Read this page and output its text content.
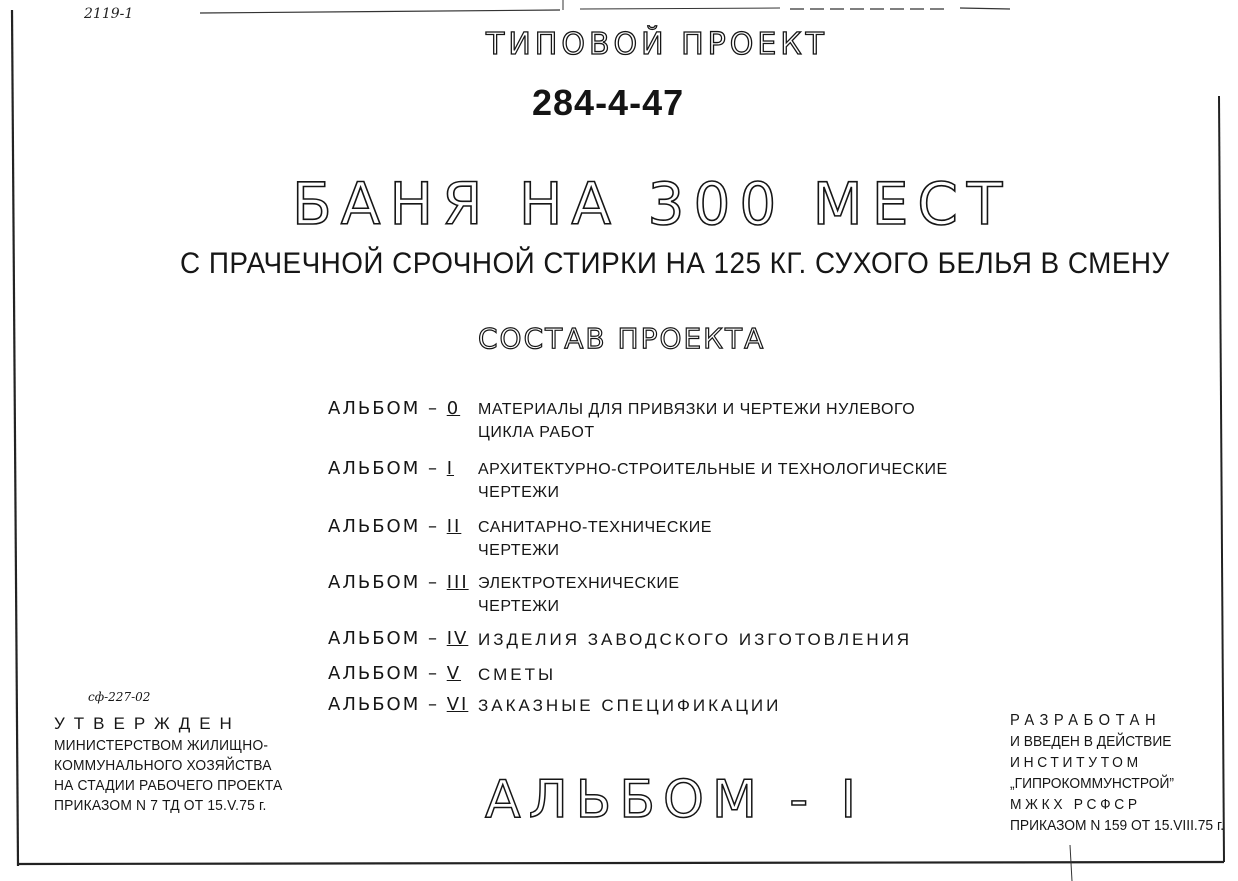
2119-1
ТИПОВОЙ ПРОЕКТ
284-4-47
БАНЯ НА 300 МЕСТ
С ПРАЧЕЧНОЙ СРОЧНОЙ СТИРКИ НА 125 КГ. СУХОГО БЕЛЬЯ В СМЕНУ
СОСТАВ ПРОЕКТА
АЛЬБОМ – 0 МАТЕРИАЛЫ ДЛЯ ПРИВЯЗКИ И ЧЕРТЕЖИ НУЛЕВОГО
ЦИКЛА РАБОТ
АЛЬБОМ – I АРХИТЕКТУРНО-СТРОИТЕЛЬНЫЕ И ТЕХНОЛОГИЧЕСКИЕ
ЧЕРТЕЖИ
АЛЬБОМ – II САНИТАРНО-ТЕХНИЧЕСКИЕ
ЧЕРТЕЖИ
АЛЬБОМ – III ЭЛЕКТРОТЕХНИЧЕСКИЕ
ЧЕРТЕЖИ
АЛЬБОМ – IV ИЗДЕЛИЯ ЗАВОДСКОГО ИЗГОТОВЛЕНИЯ
АЛЬБОМ – V СМЕТЫ
АЛЬБОМ – VI ЗАКАЗНЫЕ СПЕЦИФИКАЦИИ
сф-227-02
УТВЕРЖДЕН
МИНИСТЕРСТВОМ ЖИЛИЩНО-
КОММУНАЛЬНОГО ХОЗЯЙСТВА
НА СТАДИИ РАБОЧЕГО ПРОЕКТА
ПРИКАЗОМ N 7 ТД ОТ 15.V.75 г.	АЛЬБОМ - I
РАЗРАБОТАН
И ВВЕДЕН В ДЕЙСТВИЕ
ИНСТИТУТОМ
„ГИПРОКОММУНСТРОЙ”
МЖКХ РСФСР
ПРИКАЗОМ N 159 ОТ 15.VIII.75 г.
